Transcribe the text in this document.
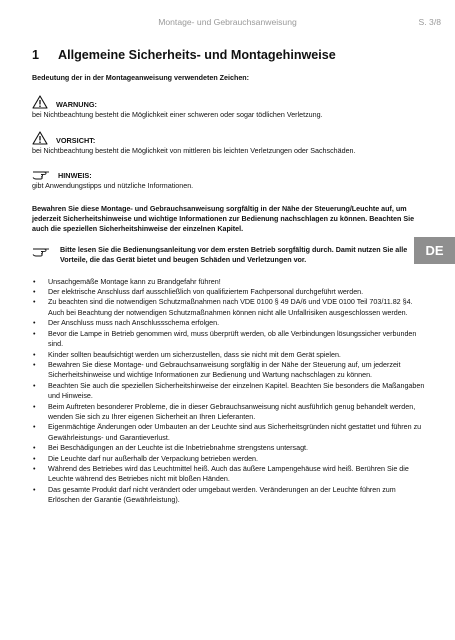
Montage- und Gebrauchsanweisung	S. 3/8
1 Allgemeine Sicherheits- und Montagehinweise

Bedeutung der in der Montageanweisung verwendeten Zeichen:

WARNUNG:

bei Nichtbeachtung besteht die Möglichkeit einer schweren oder sogar tödlichen Verletzung.

VORSICHT:

bei Nichtbeachtung besteht die Möglichkeit von mittleren bis leichten Verletzungen oder Sachschäden.

HINWEIS:

gibt Anwendungstipps und nützliche Informationen.

Bewahren Sie diese Montage- und Gebrauchsanweisung sorgfältig in der Nähe der Steuerung/Leuchte auf, um jederzeit Sicherheitshinweise und wichtige Informationen zur Bedienung nachschlagen zu können. Beachten Sie auch die speziellen Sicherheitshinweise der einzelnen Kapitel.

Bitte lesen Sie die Bedienungsanleitung vor dem ersten Betrieb sorgfältig durch. Damit nutzen Sie alle Vorteile, die das Gerät bietet und beugen Schäden und Verletzungen vor.

• Unsachgemäße Montage kann zu Brandgefahr führen!
• Der elektrische Anschluss darf ausschließlich von qualifiziertem Fachpersonal durchgeführt werden.
• Zu beachten sind die notwendigen Schutzmaßnahmen nach VDE 0100 § 49 DA/6 und VDE 0100 Teil 703/11.82 §4. Auch bei Beachtung der notwendigen Schutzmaßnahmen können nicht alle Unfallrisiken ausgeschlossen werden.
• Der Anschluss muss nach Anschlussschema erfolgen.
• Bevor die Lampe in Betrieb genommen wird, muss überprüft werden, ob alle Verbindungen lösungssicher verbunden sind.
• Kinder sollten beaufsichtigt werden um sicherzustellen, dass sie nicht mit dem Gerät spielen.
• Bewahren Sie diese Montage- und Gebrauchsanweisung sorgfältig in der Nähe der Steuerung auf, um jederzeit Sicherheitshinweise und wichtige Informationen zur Bedienung und Wartung nachschlagen zu können.
• Beachten Sie auch die speziellen Sicherheitshinweise der einzelnen Kapitel. Beachten Sie besonders die Maßangaben und Hinweise.
• Beim Auftreten besonderer Probleme, die in dieser Gebrauchsanweisung nicht ausführlich genug behandelt werden, wenden Sie sich zu Ihrer eigenen Sicherheit an Ihren Lieferanten.
• Eigenmächtige Änderungen oder Umbauten an der Leuchte sind aus Sicherheitsgründen nicht gestattet und führen zu Gewährleistungs- und Garantieverlust.
• Bei Beschädigungen an der Leuchte ist die Inbetriebnahme strengstens untersagt.
• Die Leuchte darf nur außerhalb der Verpackung betrieben werden.
• Während des Betriebes wird das Leuchtmittel heiß. Auch das äußere Lampengehäuse wird heiß. Berühren Sie die Leuchte während des Betriebes nicht mit bloßen Händen.
• Das gesamte Produkt darf nicht verändert oder umgebaut werden. Veränderungen an der Leuchte führen zum Erlöschen der Garantie (Gewährleistung).
DE
